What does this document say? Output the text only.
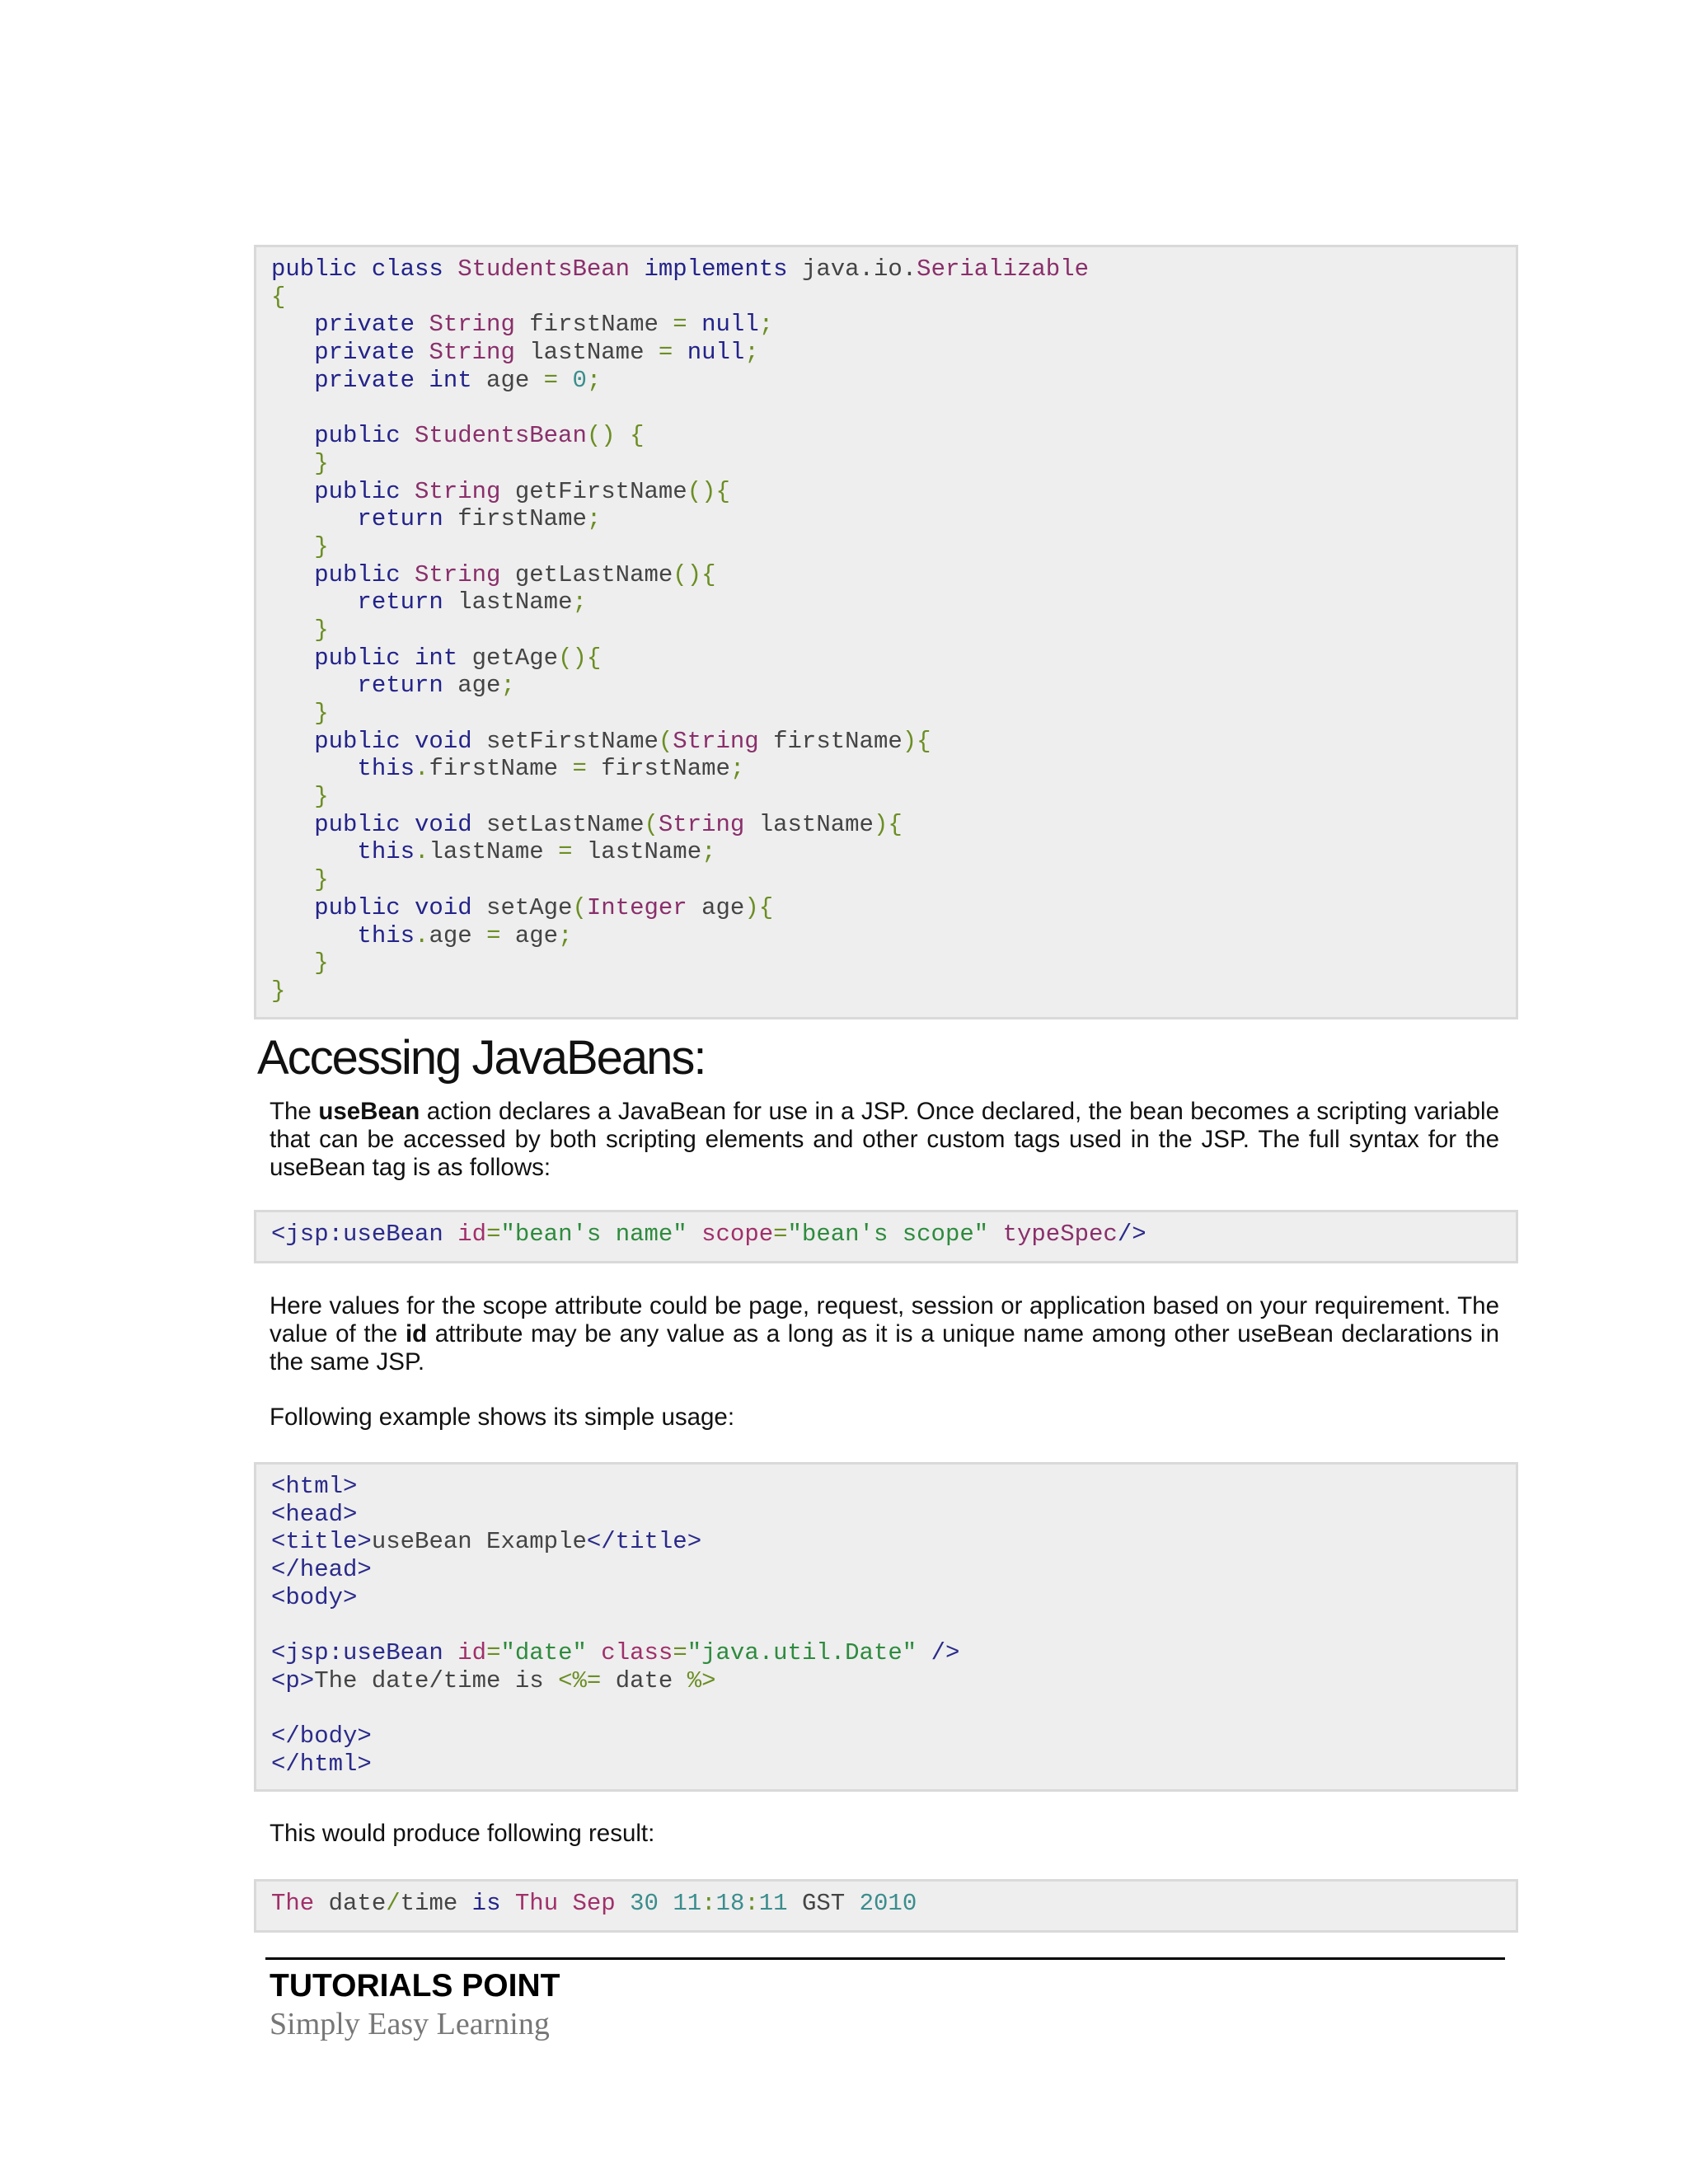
public class StudentsBean implements java.io.Serializable
{
private String firstName = null;
private String lastName = null;
private int age = 0;
public StudentsBean() {
}
public String getFirstName(){
return firstName;
}
public String getLastName(){
return lastName;
}
public int getAge(){
return age;
}
public void setFirstName(String firstName){
this.firstName = firstName;
}
public void setLastName(String lastName){
this.lastName = lastName;
}
public void setAge(Integer age){
this.age = age;
}
}
Accessing JavaBeans:

The useBean action declares a JavaBean for use in a JSP. Once declared, the bean becomes a scripting variable that can be accessed by both scripting elements and other custom tags used in the JSP. The full syntax for the useBean tag is as follows:

<jsp:useBean id="bean's name" scope="bean's scope" typeSpec/>

Here values for the scope attribute could be page, request, session or application based on your requirement. The value of the id attribute may be any value as a long as it is a unique name among other useBean declarations in the same JSP.

Following example shows its simple usage:

<html>
<head>
<title>useBean Example</title>
</head>
<body>
<jsp:useBean id="date" class="java.util.Date" />
<p>The date/time is <%= date %>
</body>
</html>

This would produce following result:

The date/time is Thu Sep 30 11:18:11 GST 2010
TUTORIALS POINT
Simply Easy Learning
